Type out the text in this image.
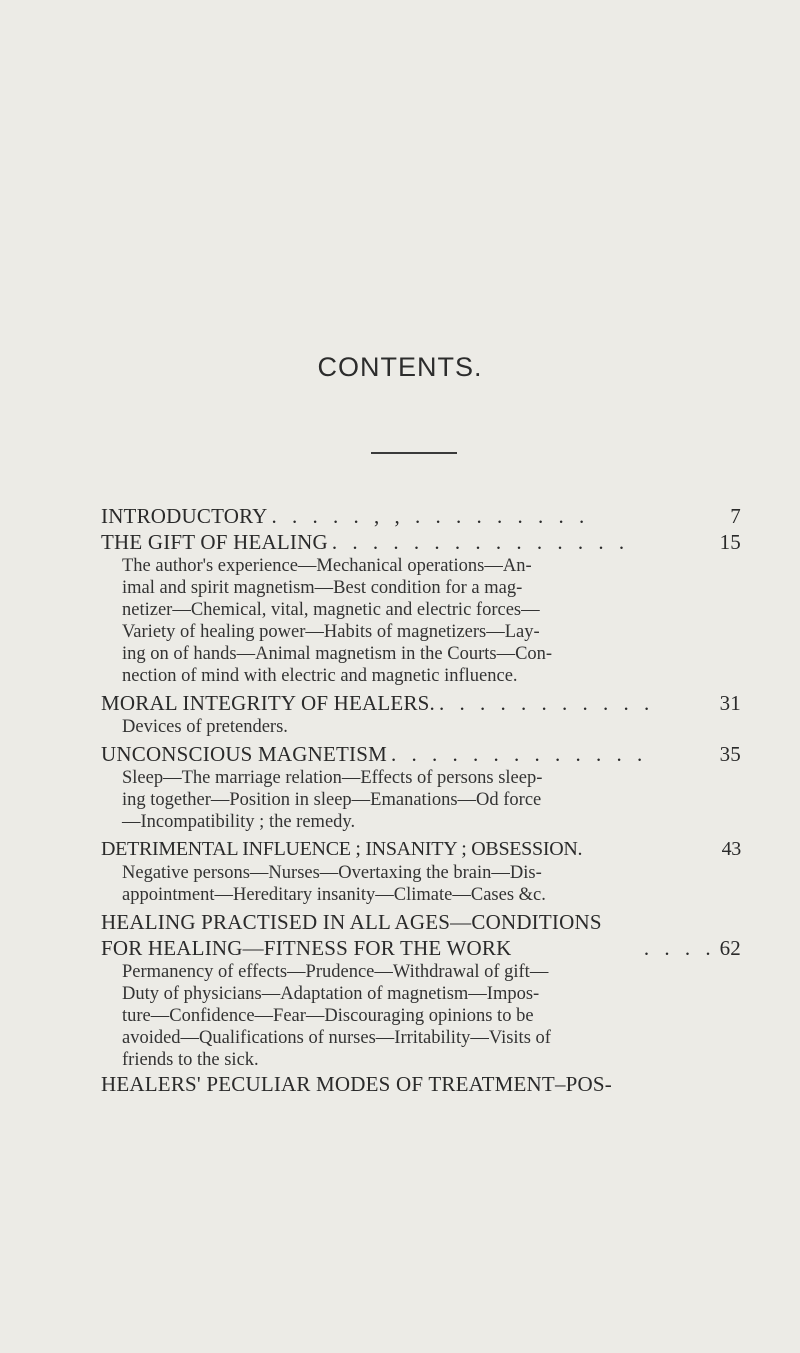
CONTENTS.
INTRODUCTORY . . . . . , , . . . . . . . . .	7
THE GIFT OF HEALING . . . . . . . . . . . . . . .	15
The author's experience—Mechanical operations—An-
imal and spirit magnetism—Best condition for a mag-
netizer—Chemical, vital, magnetic and electric forces—
Variety of healing power—Habits of magnetizers—Lay-
ing on of hands—Animal magnetism in the Courts—Con-
nection of mind with electric and magnetic influence.
MORAL INTEGRITY OF HEALERS. . . . . . . . . . . .	31
Devices of pretenders.
UNCONSCIOUS MAGNETISM . . . . . . . . . . . . .	35
Sleep—The marriage relation—Effects of persons sleep-
ing together—Position in sleep—Emanations—Od force
—Incompatibility ; the remedy.
DETRIMENTAL INFLUENCE ; INSANITY ; OBSESSION.	43
Negative persons—Nurses—Overtaxing the brain—Dis-
appointment—Hereditary insanity—Climate—Cases &c.
HEALING PRACTISED IN ALL AGES—CONDITIONS
FOR HEALING—FITNESS FOR THE WORK	. . . . 62
Permanency of effects—Prudence—Withdrawal of gift—
Duty of physicians—Adaptation of magnetism—Impos-
ture—Confidence—Fear—Discouraging opinions to be
avoided—Qualifications of nurses—Irritability—Visits of
friends to the sick.
HEALERS' PECULIAR MODES OF TREATMENT–POS-
